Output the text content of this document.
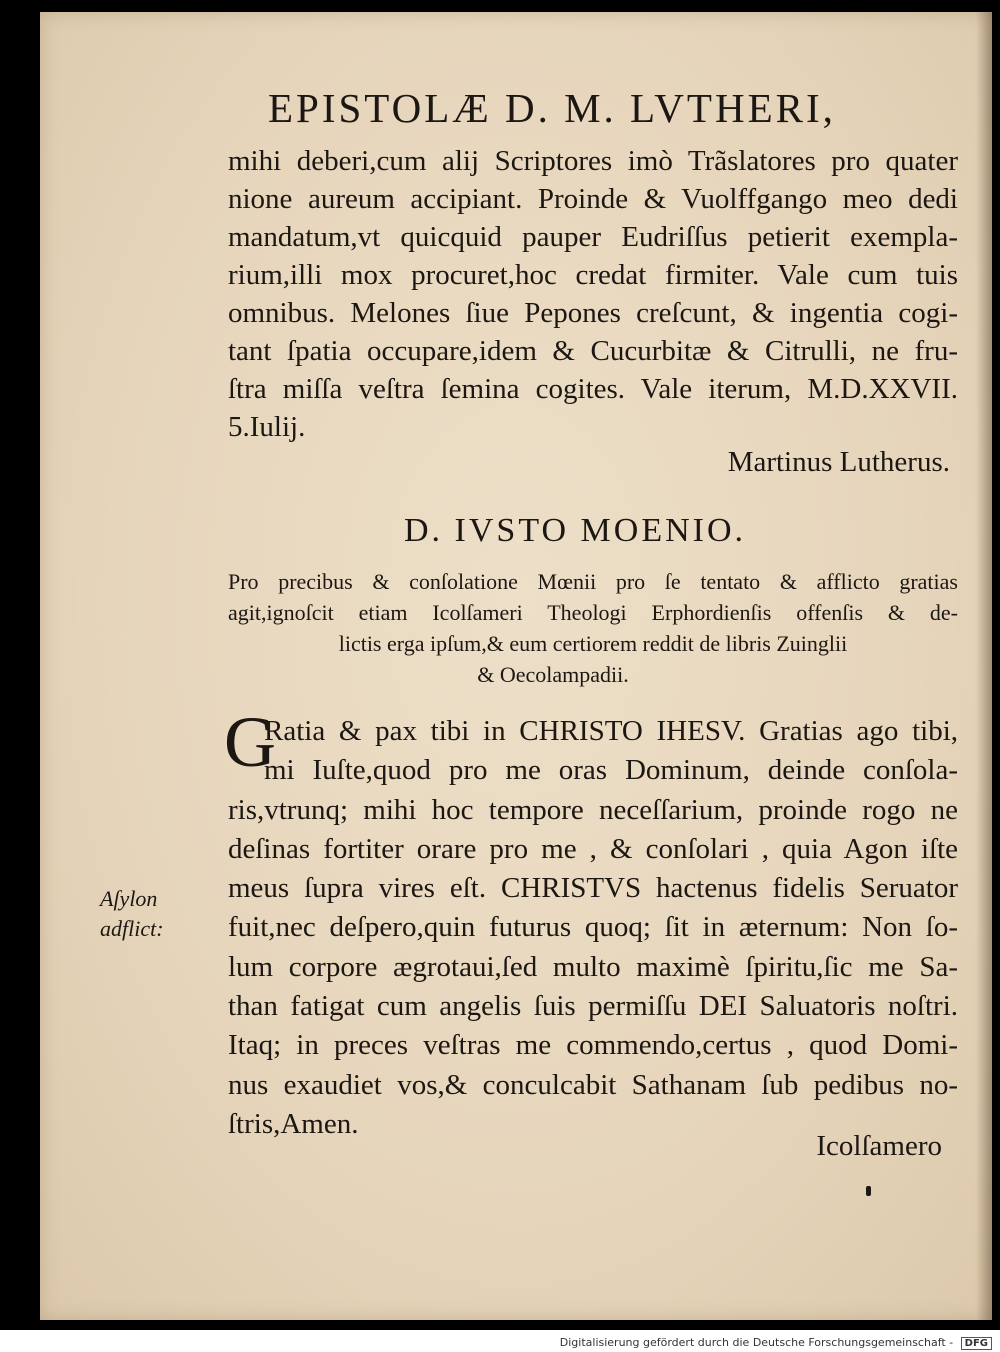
EPISTOLÆ D. M. LVTHERI,
mihi deberi,cum alij Scriptores imò Trãslatores pro quater
nione aureum accipiant. Proinde & Vuolffgango meo dedi
mandatum,vt quicquid pauper Eudriſſus petierit exempla-
rium,illi mox procuret,hoc credat firmiter. Vale cum tuis
omnibus. Melones ſiue Pepones creſcunt, & ingentia cogi-
tant ſpatia occupare,idem & Cucurbitæ & Citrulli, ne fru-
ſtra miſſa veſtra ſemina cogites. Vale iterum, M.D.XXVII.
5.Iulij.
Martinus Lutherus.
D. IVSTO MOENIO.
Pro precibus & conſolatione Mœnii pro ſe tentato & afflicto gratias
agit,ignoſcit etiam Icolſameri Theologi Erphordienſis offenſis & de-
lictis erga ipſum,& eum certiorem reddit de libris Zuinglii
& Oecolampadii.
G
Ratia & pax tibi in CHRISTO IHESV. Gratias ago tibi,
mi Iuſte,quod pro me oras Dominum, deinde conſola-
ris,vtrunq; mihi hoc tempore neceſſarium, proinde rogo ne
deſinas fortiter orare pro me , & conſolari , quia Agon iſte
meus ſupra vires eſt. CHRISTVS hactenus fidelis Seruator
fuit,nec deſpero,quin futurus quoq; ſit in æternum: Non ſo-
lum corpore ægrotaui,ſed multo maximè ſpiritu,ſic me Sa-
than fatigat cum angelis ſuis permiſſu DEI Saluatoris noſtri.
Itaq; in preces veſtras me commendo,certus , quod Domi-
nus exaudiet vos,& conculcabit Sathanam ſub pedibus no-
ſtris,Amen.
Aſylon
adflict:
Icolſamero
Digitalisierung gefördert durch die Deutsche Forschungsgemeinschaft - DFG
